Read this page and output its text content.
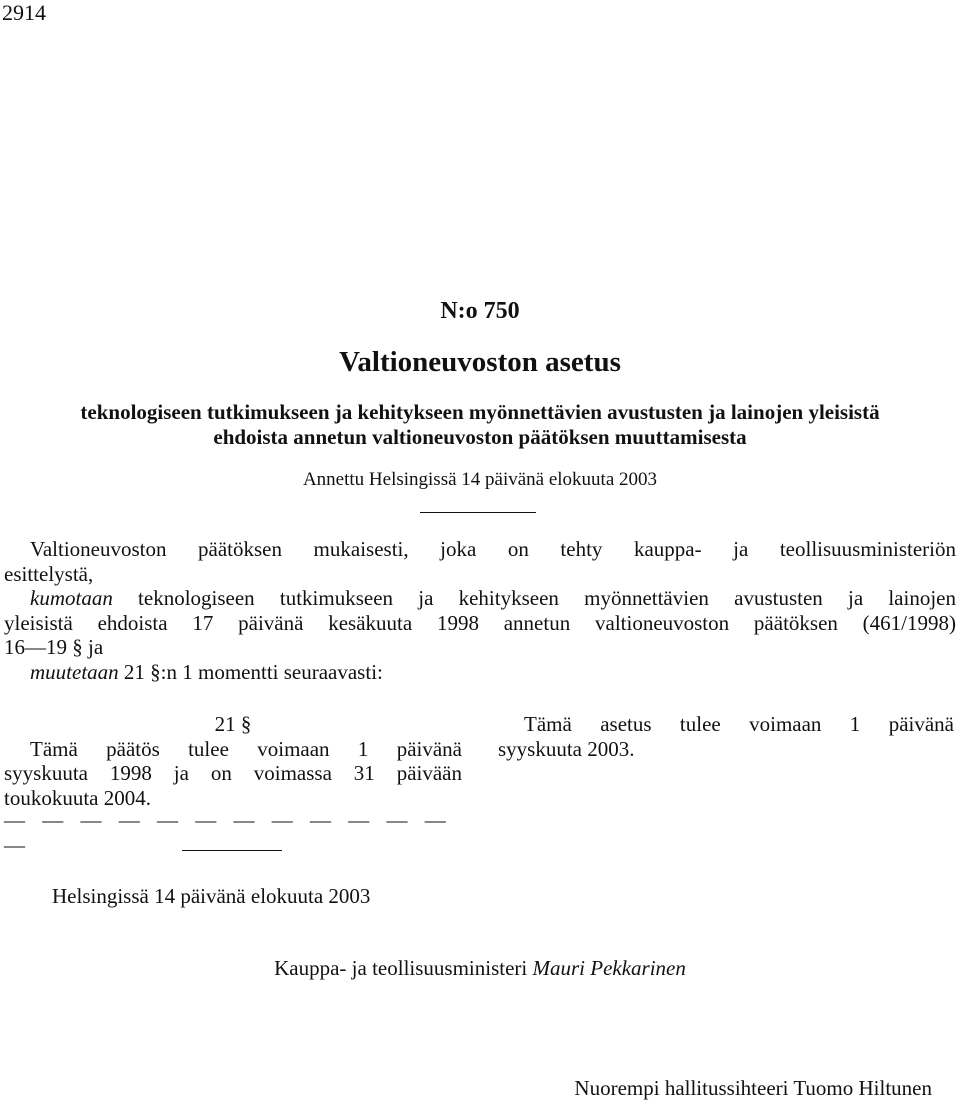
2914
N:o 750
Valtioneuvoston asetus
teknologiseen tutkimukseen ja kehitykseen myönnettävien avustusten ja lainojen yleisistä
ehdoista annetun valtioneuvoston päätöksen muuttamisesta
Annettu Helsingissä 14 päivänä elokuuta 2003
Valtioneuvoston päätöksen mukaisesti, joka on tehty kauppa- ja teollisuusministeriön
esittelystä,
kumotaan teknologiseen tutkimukseen ja kehitykseen myönnettävien avustusten ja lainojen
yleisistä ehdoista 17 päivänä kesäkuuta 1998 annetun valtioneuvoston päätöksen (461/1998)
16—19 § ja
muutetaan 21 §:n 1 momentti seuraavasti:
21 §
Tämä päätös tulee voimaan 1 päivänä
syyskuuta 1998 ja on voimassa 31 päivään
toukokuuta 2004.
— — — — — — — — — — — — —
Tämä asetus tulee voimaan 1 päivänä
syyskuuta 2003.
Helsingissä 14 päivänä elokuuta 2003
Kauppa- ja teollisuusministeri Mauri Pekkarinen
Nuorempi hallitussihteeri Tuomo Hiltunen
